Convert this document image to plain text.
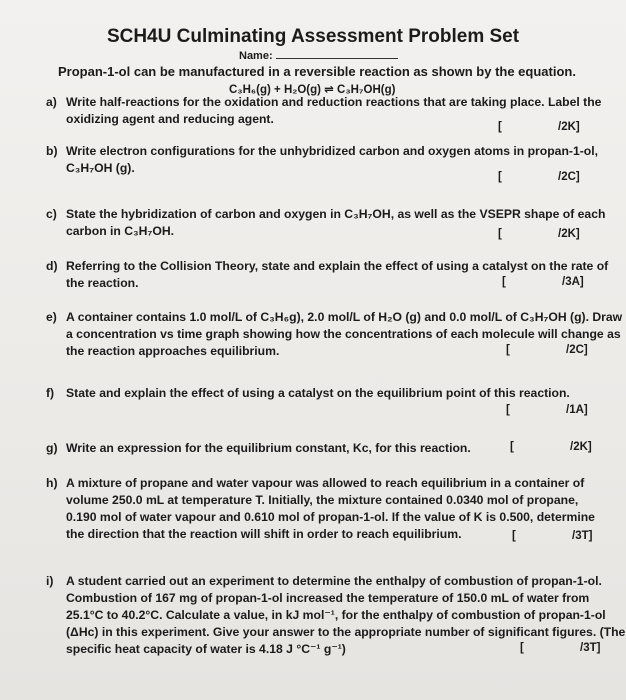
SCH4U Culminating Assessment Problem Set
Name:
Propan-1-ol can be manufactured in a reversible reaction as shown by the equation.
C₃H₆(g) + H₂O(g) ⇌ C₃H₇OH(g)
a) Write half-reactions for the oxidation and reduction reactions that are taking place. Label the
oxidizing agent and reducing agent.
[	/2K]
b) Write electron configurations for the unhybridized carbon and oxygen atoms in propan-1-ol,
C₃H₇OH (g).
[	/2C]
c) State the hybridization of carbon and oxygen in C₃H₇OH, as well as the VSEPR shape of each
carbon in C₃H₇OH.	[	/2K]
d) Referring to the Collision Theory, state and explain the effect of using a catalyst on the rate of
the reaction.	[	/3A]
e) A container contains 1.0 mol/L of C₃H₆g), 2.0 mol/L of H₂O (g) and 0.0 mol/L of C₃H₇OH (g). Draw
a concentration vs time graph showing how the concentrations of each molecule will change as
the reaction approaches equilibrium.	[	/2C]
f) State and explain the effect of using a catalyst on the equilibrium point of this reaction.
[	/1A]
g) Write an expression for the equilibrium constant, Kc, for this reaction.	[	/2K]
h) A mixture of propane and water vapour was allowed to reach equilibrium in a container of
volume 250.0 mL at temperature T. Initially, the mixture contained 0.0340 mol of propane,
0.190 mol of water vapour and 0.610 mol of propan-1-ol. If the value of K is 0.500, determine
the direction that the reaction will shift in order to reach equilibrium.	[	/3T]
i) A student carried out an experiment to determine the enthalpy of combustion of propan-1-ol.
Combustion of 167 mg of propan-1-ol increased the temperature of 150.0 mL of water from
25.1°C to 40.2°C. Calculate a value, in kJ mol⁻¹, for the enthalpy of combustion of propan-1-ol
(ΔHc) in this experiment. Give your answer to the appropriate number of significant figures. (The
specific heat capacity of water is 4.18 J °C⁻¹ g⁻¹)	[	/3T]
